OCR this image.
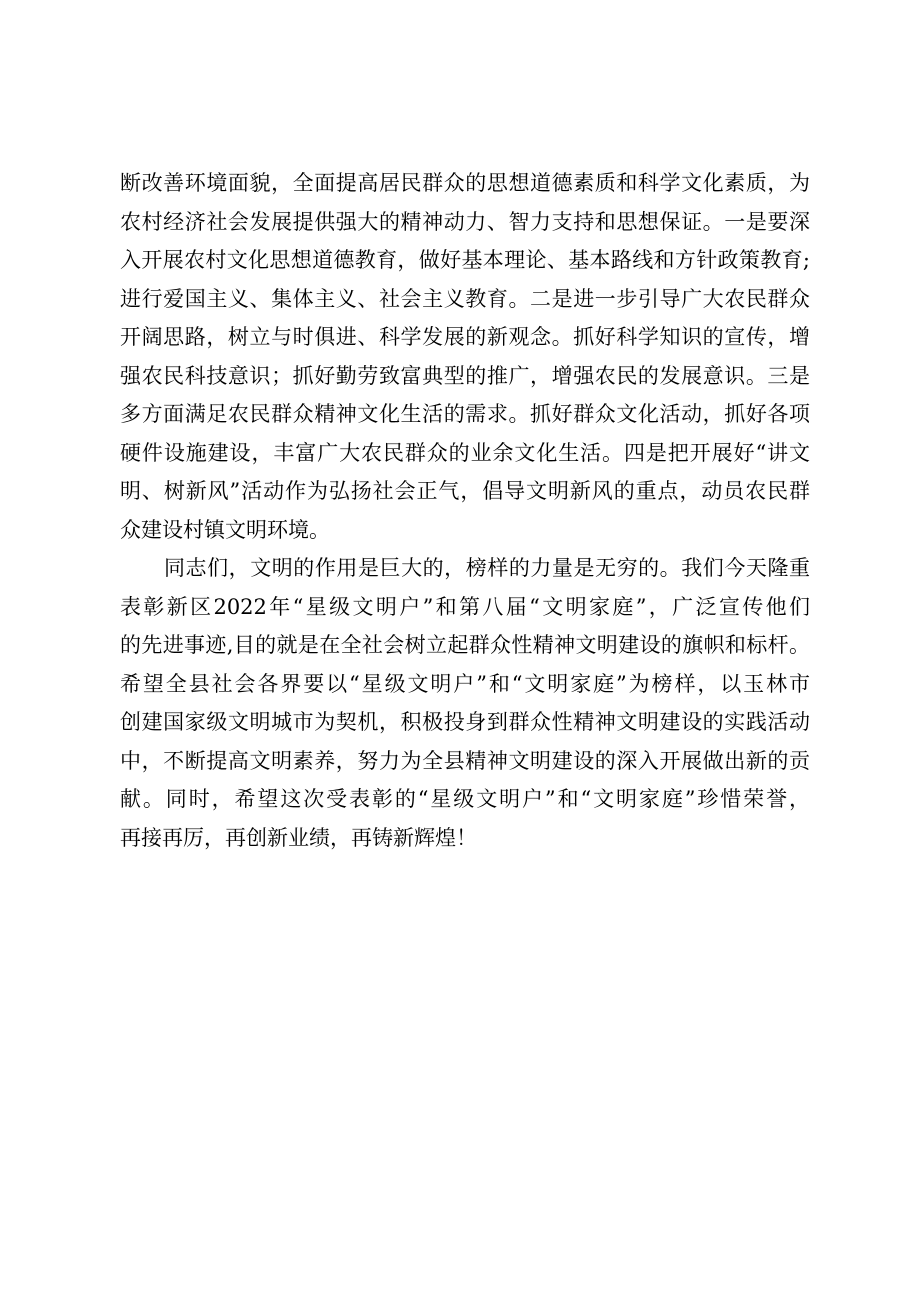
断改善环境面貌，全面提高居民群众的思想道德素质和科学文化素质，为
农村经济社会发展提供强大的精神动力、智力支持和思想保证。一是要深
入开展农村文化思想道德教育，做好基本理论、基本路线和方针政策教育;
进行爱国主义、集体主义、社会主义教育。二是进一步引导广大农民群众
开阔思路，树立与时俱进、科学发展的新观念。抓好科学知识的宣传，增
强农民科技意识；抓好勤劳致富典型的推广，增强农民的发展意识。三是
多方面满足农民群众精神文化生活的需求。抓好群众文化活动，抓好各项
硬件设施建设，丰富广大农民群众的业余文化生活。四是把开展好“讲文
明、树新风”活动作为弘扬社会正气，倡导文明新风的重点，动员农民群
众建设村镇文明环境。
同志们，文明的作用是巨大的，榜样的力量是无穷的。我们今天隆重
表彰新区2022年“星级文明户”和第八届“文明家庭”，广泛宣传他们
的先进事迹,目的就是在全社会树立起群众性精神文明建设的旗帜和标杆。
希望全县社会各界要以“星级文明户”和“文明家庭”为榜样，以玉林市
创建国家级文明城市为契机，积极投身到群众性精神文明建设的实践活动
中，不断提高文明素养，努力为全县精神文明建设的深入开展做出新的贡
献。同时，希望这次受表彰的“星级文明户”和“文明家庭”珍惜荣誉，
再接再厉，再创新业绩，再铸新辉煌！
